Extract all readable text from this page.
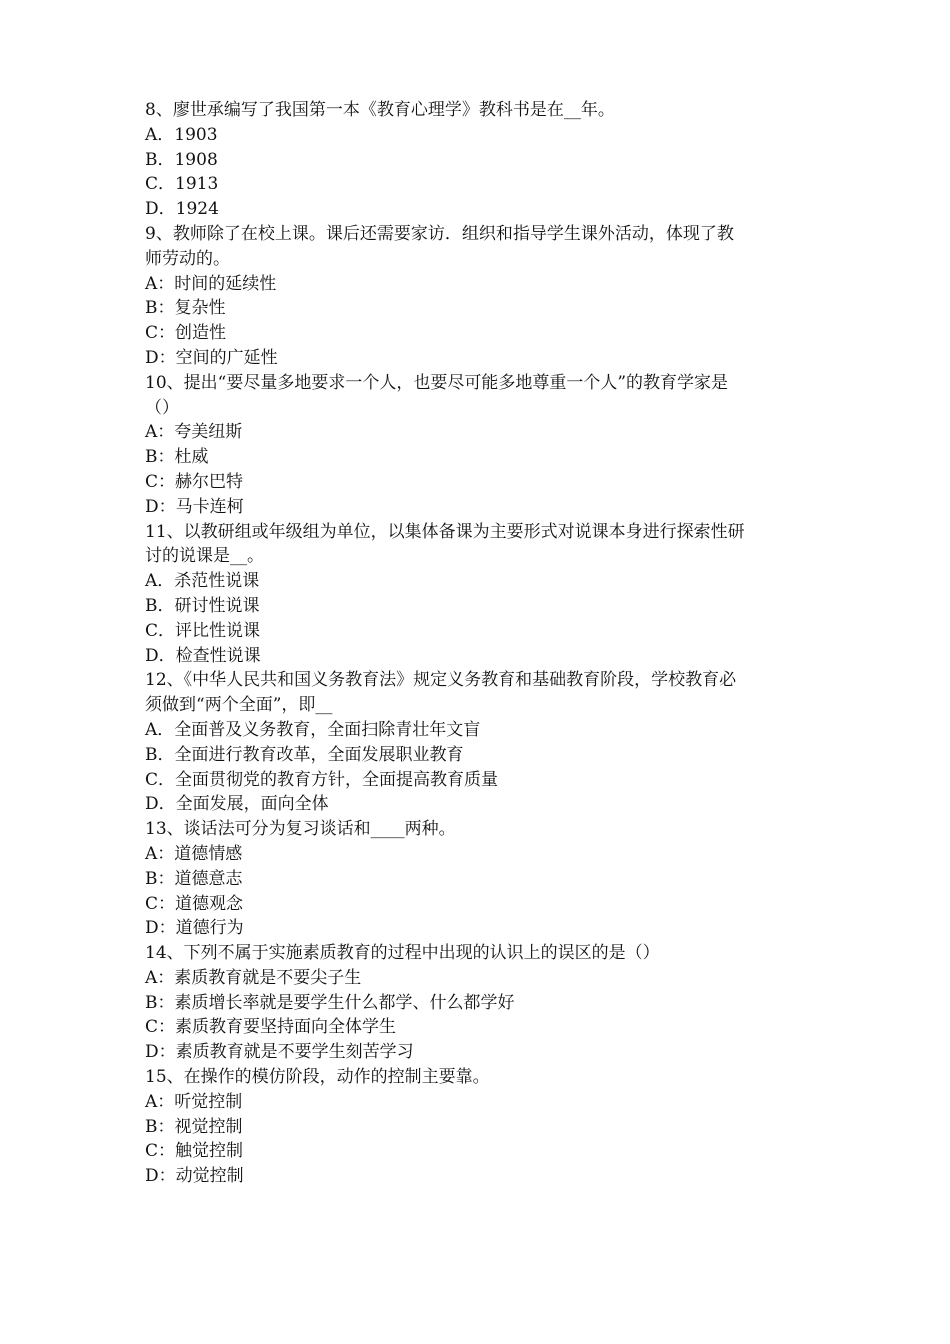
8、廖世承编写了我国第一本《教育心理学》教科书是在__年。

A．1903

B．1908

C．1913

D．1924

9、教师除了在校上课。课后还需要家访．组织和指导学生课外活动，体现了教

师劳动的。

A：时间的延续性

B：复杂性

C：创造性

D：空间的广延性

10、提出“要尽量多地要求一个人，也要尽可能多地尊重一个人”的教育学家是

（）

A：夸美纽斯

B：杜威

C：赫尔巴特

D：马卡连柯

11、以教研组或年级组为单位，以集体备课为主要形式对说课本身进行探索性研

讨的说课是__。

A．杀范性说课

B．研讨性说课

C．评比性说课

D．检查性说课

12、《中华人民共和国义务教育法》规定义务教育和基础教育阶段，学校教育必

须做到“两个全面”，即__

A．全面普及义务教育，全面扫除青壮年文盲

B．全面进行教育改革，全面发展职业教育

C．全面贯彻党的教育方针，全面提高教育质量

D．全面发展，面向全体

13、谈话法可分为复习谈话和____两种。

A：道德情感

B：道德意志

C：道德观念

D：道德行为

14、下列不属于实施素质教育的过程中出现的认识上的误区的是（）

A：素质教育就是不要尖子生

B：素质增长率就是要学生什么都学、什么都学好

C：素质教育要坚持面向全体学生

D：素质教育就是不要学生刻苦学习

15、在操作的模仿阶段，动作的控制主要靠。

A：听觉控制

B：视觉控制

C：触觉控制

D：动觉控制
